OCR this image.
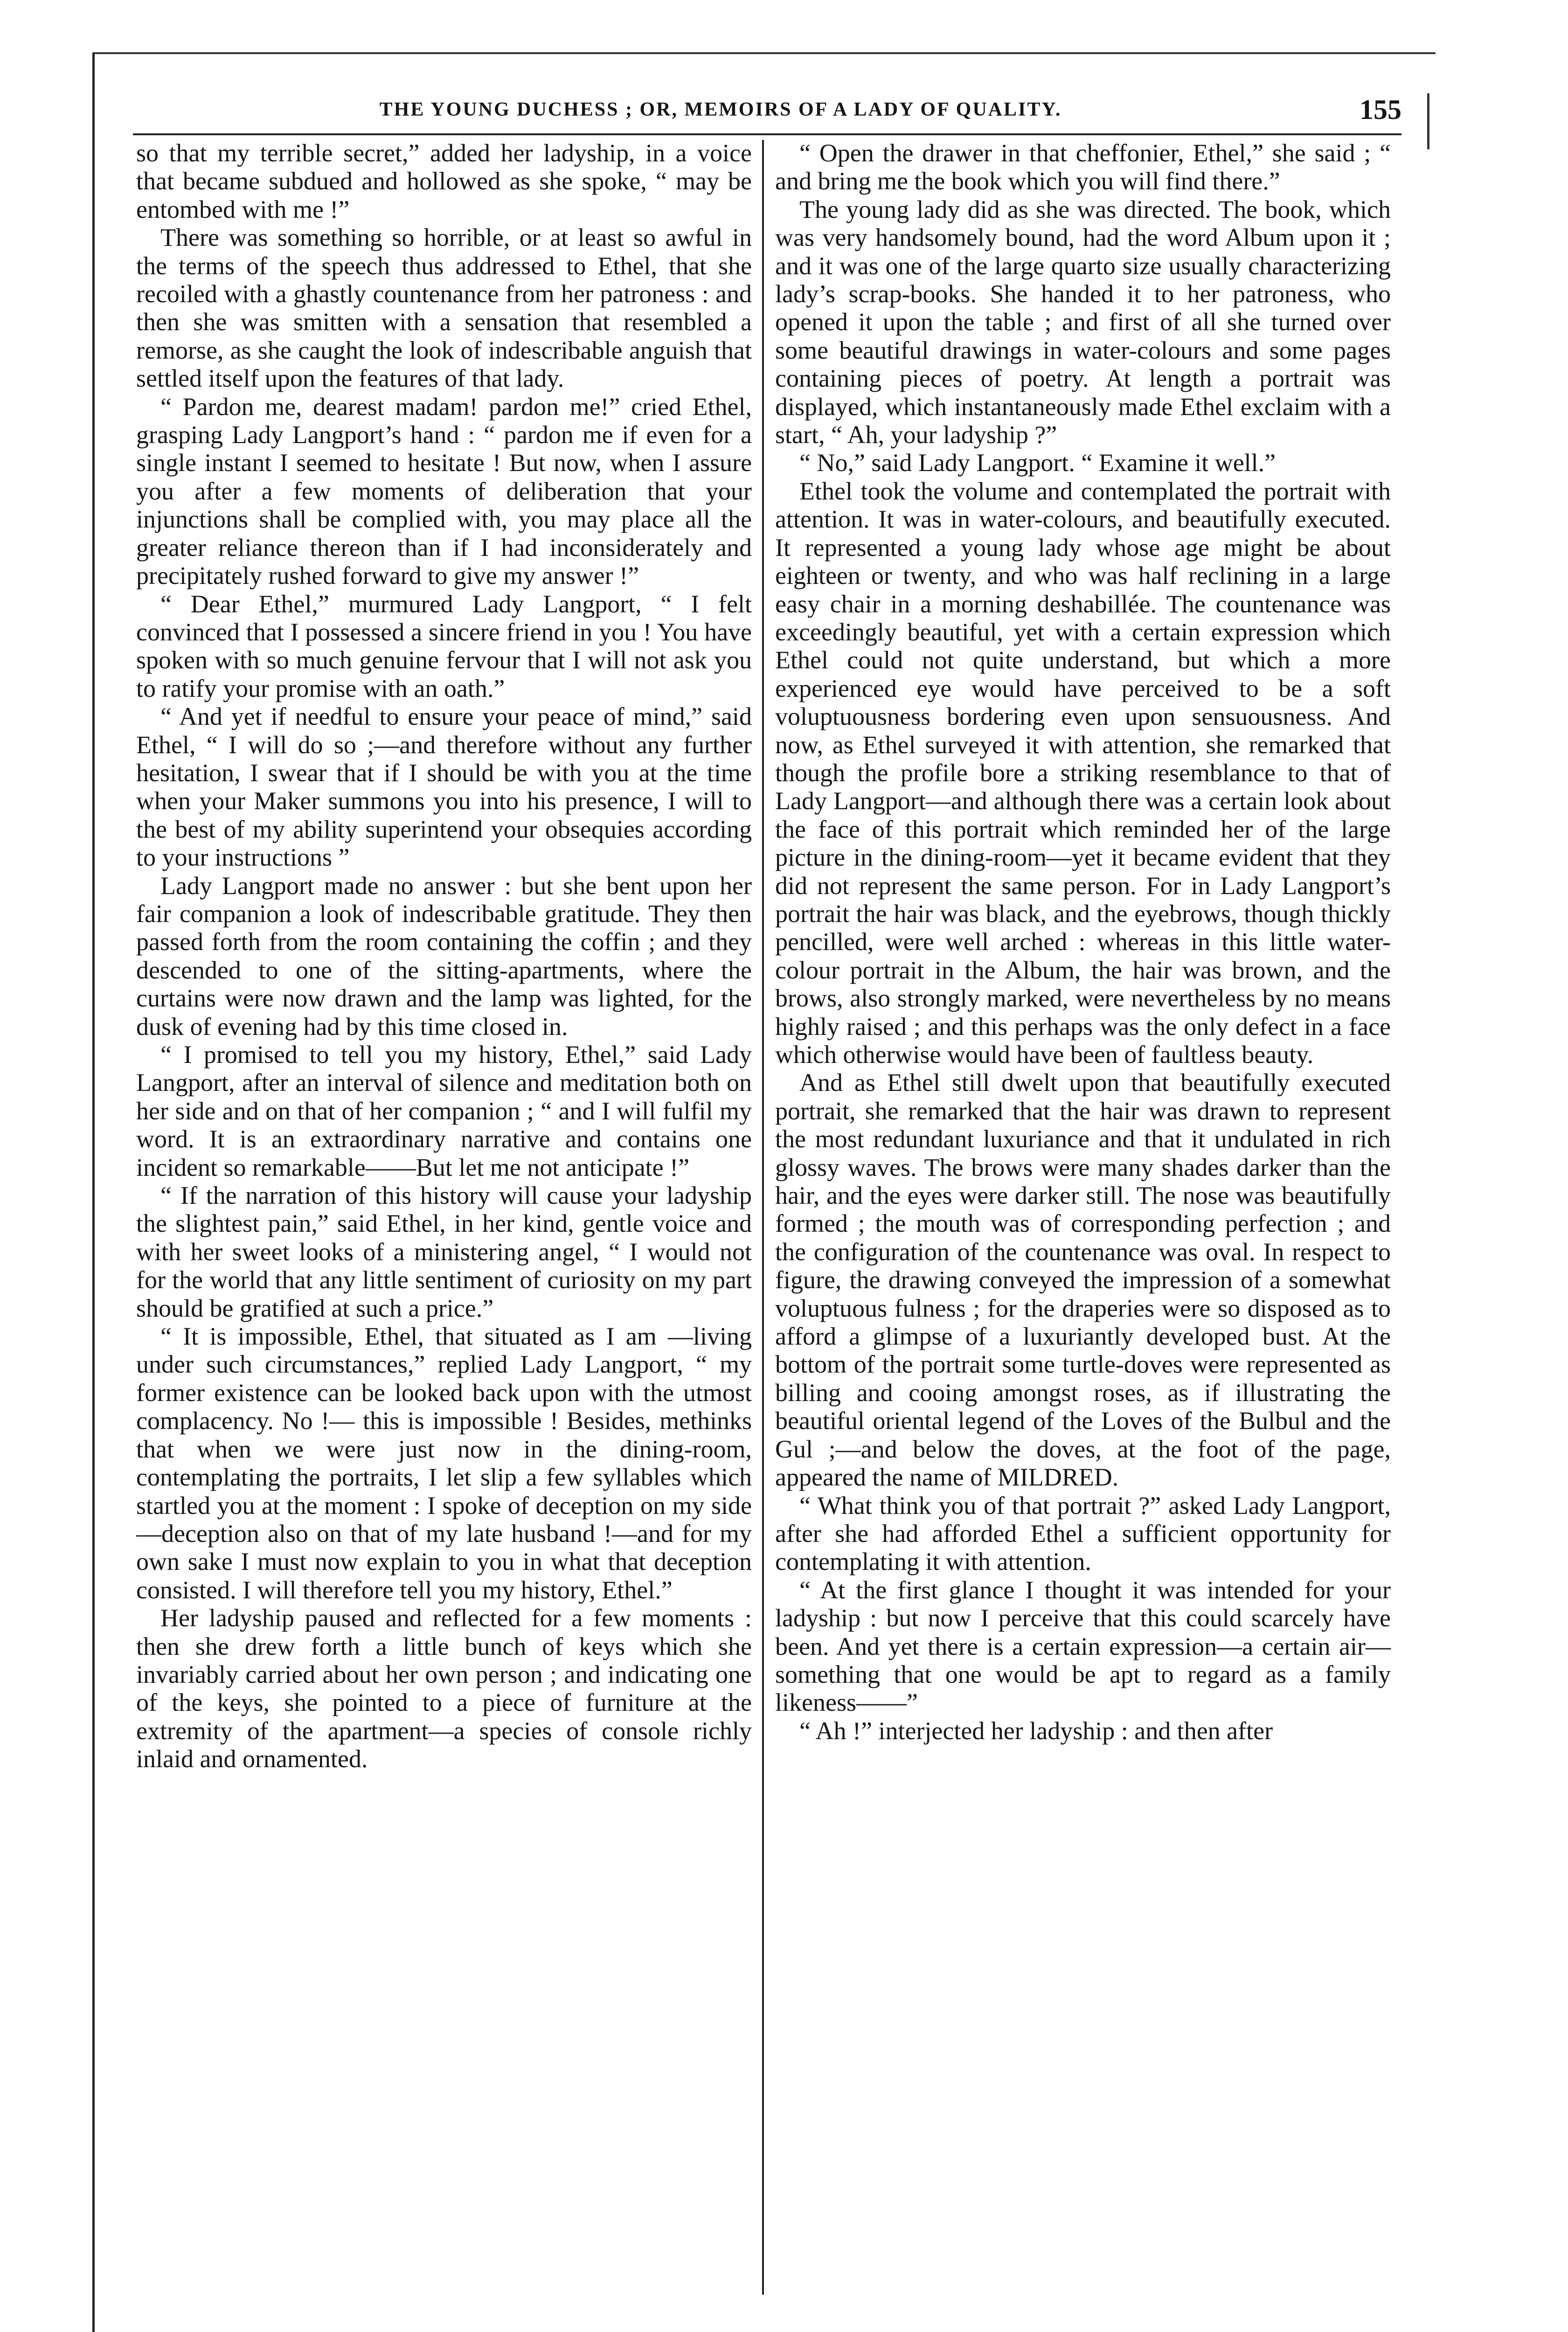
THE YOUNG DUCHESS ; OR, MEMOIRS OF A LADY OF QUALITY.	155

so that my terrible secret,” added her ladyship, in a voice that became subdued and hollowed as she spoke, “ may be entombed with me !”

There was something so horrible, or at least so awful in the terms of the speech thus addressed to Ethel, that she recoiled with a ghastly countenance from her patroness : and then she was smitten with a sensation that resembled a remorse, as she caught the look of indescribable anguish that settled itself upon the features of that lady.

“ Pardon me, dearest madam! pardon me!” cried Ethel, grasping Lady Langport’s hand : “ pardon me if even for a single instant I seemed to hesitate ! But now, when I assure you after a few moments of deliberation that your injunctions shall be complied with, you may place all the greater reliance thereon than if I had inconsiderately and precipitately rushed forward to give my answer !”

“ Dear Ethel,” murmured Lady Langport, “ I felt convinced that I possessed a sincere friend in you ! You have spoken with so much genuine fervour that I will not ask you to ratify your promise with an oath.”

“ And yet if needful to ensure your peace of mind,” said Ethel, “ I will do so ;—and therefore without any further hesitation, I swear that if I should be with you at the time when your Maker summons you into his presence, I will to the best of my ability superintend your obsequies according to your instructions ”

Lady Langport made no answer : but she bent upon her fair companion a look of indescribable gratitude. They then passed forth from the room containing the coffin ; and they descended to one of the sitting-apartments, where the curtains were now drawn and the lamp was lighted, for the dusk of evening had by this time closed in.

“ I promised to tell you my history, Ethel,” said Lady Langport, after an interval of silence and meditation both on her side and on that of her companion ; “ and I will fulfil my word. It is an extraordinary narrative and contains one incident so remarkable——But let me not anticipate !”

“ If the narration of this history will cause your ladyship the slightest pain,” said Ethel, in her kind, gentle voice and with her sweet looks of a ministering angel, “ I would not for the world that any little sentiment of curiosity on my part should be gratified at such a price.”

“ It is impossible, Ethel, that situated as I am —living under such circumstances,” replied Lady Langport, “ my former existence can be looked back upon with the utmost complacency. No !— this is impossible ! Besides, methinks that when we were just now in the dining-room, contemplating the portraits, I let slip a few syllables which startled you at the moment : I spoke of deception on my side—deception also on that of my late husband !—and for my own sake I must now explain to you in what that deception consisted. I will therefore tell you my history, Ethel.”

Her ladyship paused and reflected for a few moments : then she drew forth a little bunch of keys which she invariably carried about her own person ; and indicating one of the keys, she pointed to a piece of furniture at the extremity of the apartment—a species of console richly inlaid and ornamented.

“ Open the drawer in that cheffonier, Ethel,” she said ; “ and bring me the book which you will find there.”

The young lady did as she was directed. The book, which was very handsomely bound, had the word Album upon it ; and it was one of the large quarto size usually characterizing lady’s scrap-books. She handed it to her patroness, who opened it upon the table ; and first of all she turned over some beautiful drawings in water-colours and some pages containing pieces of poetry. At length a portrait was displayed, which instantaneously made Ethel exclaim with a start, “ Ah, your ladyship ?”

“ No,” said Lady Langport. “ Examine it well.”

Ethel took the volume and contemplated the portrait with attention. It was in water-colours, and beautifully executed. It represented a young lady whose age might be about eighteen or twenty, and who was half reclining in a large easy chair in a morning deshabillée. The countenance was exceedingly beautiful, yet with a certain expression which Ethel could not quite understand, but which a more experienced eye would have perceived to be a soft voluptuousness bordering even upon sensuousness. And now, as Ethel surveyed it with attention, she remarked that though the profile bore a striking resemblance to that of Lady Langport—and although there was a certain look about the face of this portrait which reminded her of the large picture in the dining-room—yet it became evident that they did not represent the same person. For in Lady Langport’s portrait the hair was black, and the eyebrows, though thickly pencilled, were well arched : whereas in this little water-colour portrait in the Album, the hair was brown, and the brows, also strongly marked, were nevertheless by no means highly raised ; and this perhaps was the only defect in a face which otherwise would have been of faultless beauty.

And as Ethel still dwelt upon that beautifully executed portrait, she remarked that the hair was drawn to represent the most redundant luxuriance and that it undulated in rich glossy waves. The brows were many shades darker than the hair, and the eyes were darker still. The nose was beautifully formed ; the mouth was of corresponding perfection ; and the configuration of the countenance was oval. In respect to figure, the drawing conveyed the impression of a somewhat voluptuous fulness ; for the draperies were so disposed as to afford a glimpse of a luxuriantly developed bust. At the bottom of the portrait some turtle-doves were represented as billing and cooing amongst roses, as if illustrating the beautiful oriental legend of the Loves of the Bulbul and the Gul ;—and below the doves, at the foot of the page, appeared the name of MILDRED.

“ What think you of that portrait ?” asked Lady Langport, after she had afforded Ethel a sufficient opportunity for contemplating it with attention.

“ At the first glance I thought it was intended for your ladyship : but now I perceive that this could scarcely have been. And yet there is a certain expression—a certain air—something that one would be apt to regard as a family likeness——”

“ Ah !” interjected her ladyship : and then after
